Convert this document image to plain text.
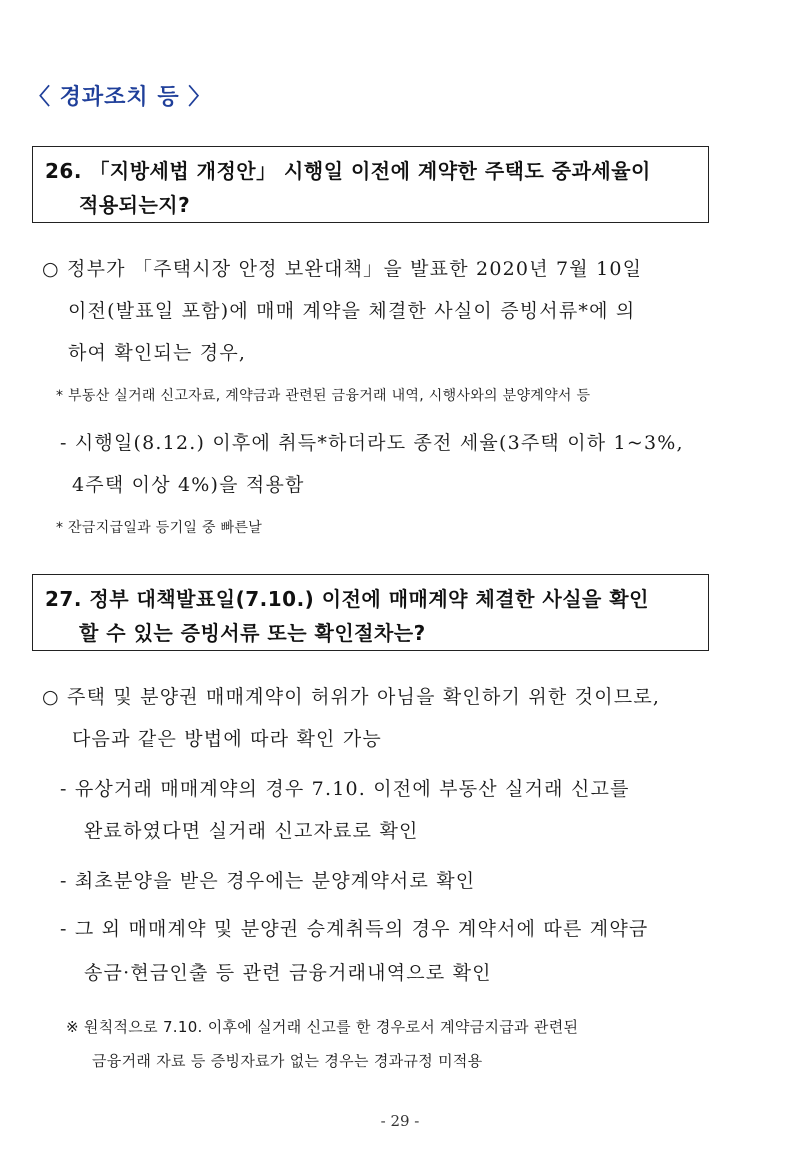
〈 경과조치 등 〉
26. 「지방세법 개정안」 시행일 이전에 계약한 주택도 중과세율이
적용되는지?
○ 정부가 「주택시장 안정 보완대책」을 발표한 2020년 7월 10일
이전(발표일 포함)에 매매 계약을 체결한 사실이 증빙서류*에 의
하여 확인되는 경우,
* 부동산 실거래 신고자료, 계약금과 관련된 금융거래 내역, 시행사와의 분양계약서 등
- 시행일(8.12.) 이후에 취득*하더라도 종전 세율(3주택 이하 1~3%,
4주택 이상 4%)을 적용함
* 잔금지급일과 등기일 중 빠른날
27. 정부 대책발표일(7.10.) 이전에 매매계약 체결한 사실을 확인
할 수 있는 증빙서류 또는 확인절차는?
○ 주택 및 분양권 매매계약이 허위가 아님을 확인하기 위한 것이므로,
다음과 같은 방법에 따라 확인 가능
- 유상거래 매매계약의 경우 7.10. 이전에 부동산 실거래 신고를
완료하였다면 실거래 신고자료로 확인
- 최초분양을 받은 경우에는 분양계약서로 확인
- 그 외 매매계약 및 분양권 승계취득의 경우 계약서에 따른 계약금
송금·현금인출 등 관련 금융거래내역으로 확인
※ 원칙적으로 7.10. 이후에 실거래 신고를 한 경우로서 계약금지급과 관련된
금융거래 자료 등 증빙자료가 없는 경우는 경과규정 미적용
- 29 -
